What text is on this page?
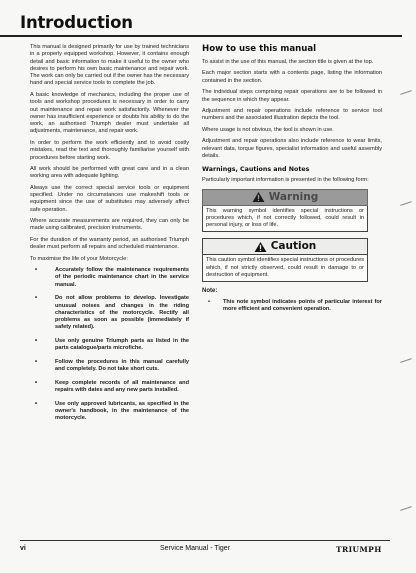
Introduction

This manual is designed primarily for use by trained technicians in a properly equipped workshop. However, it contains enough detail and basic information to make it useful to the owner who desires to perform his own basic maintenance and repair work. The work can only be carried out if the owner has the necessary hand and special service tools to complete the job.

A basic knowledge of mechanics, including the proper use of tools and workshop procedures is necessary in order to carry out maintenance and repair work satisfactorily. Whenever the owner has insufficient experience or doubts his ability to do the work, an authorised Triumph dealer must undertake all adjustments, maintenance, and repair work.

In order to perform the work efficiently and to avoid costly mistakes, read the text and thoroughly familiarise yourself with procedures before starting work.

All work should be performed with great care and in a clean working area with adequate lighting.

Always use the correct special service tools or equipment specified. Under no circumstances use makeshift tools or equipment since the use of substitutes may adversely affect safe operation.

Where accurate measurements are required, they can only be made using calibrated, precision instruments.

For the duration of the warranty period, an authorised Triumph dealer must perform all repairs and scheduled maintenance.

To maximise the life of your Motorcycle:

•	Accurately follow the maintenance requirements of the periodic maintenance chart in the service manual.
•	Do not allow problems to develop. Investigate unusual noises and changes in the riding characteristics of the motorcycle. Rectify all problems as soon as possible (immediately if safety related).
•	Use only genuine Triumph parts as listed in the parts catalogue/parts microfiche.
•	Follow the procedures in this manual carefully and completely. Do not take short cuts.
•	Keep complete records of all maintenance and repairs with dates and any new parts installed.
•	Use only approved lubricants, as specified in the owner's handbook, in the maintenance of the motorcycle.
How to use this manual

To assist in the use of this manual, the section title is given at the top.

Each major section starts with a contents page, listing the information contained in the section.

The individual steps comprising repair operations are to be followed in the sequence in which they appear.

Adjustment and repair operations include reference to service tool numbers and the associated illustration depicts the tool.

Where usage is not obvious, the tool is shown in use.

Adjustment and repair operations also include reference to wear limits, relevant data, torque figures, specialist information and useful assembly details.

Warnings, Cautions and Notes

Particularly important information is presented in the following form:

Warning
This warning symbol identifies special instructions or procedures which, if not correctly followed, could result in personal injury, or loss of life.
Caution
This caution symbol identifies special instructions or procedures which, if not strictly observed, could result in damage to or destruction of equipment.
Note:
• This note symbol indicates points of particular interest for more efficient and convenient operation.
vi	Service Manual - Tiger	TRIUMPH
